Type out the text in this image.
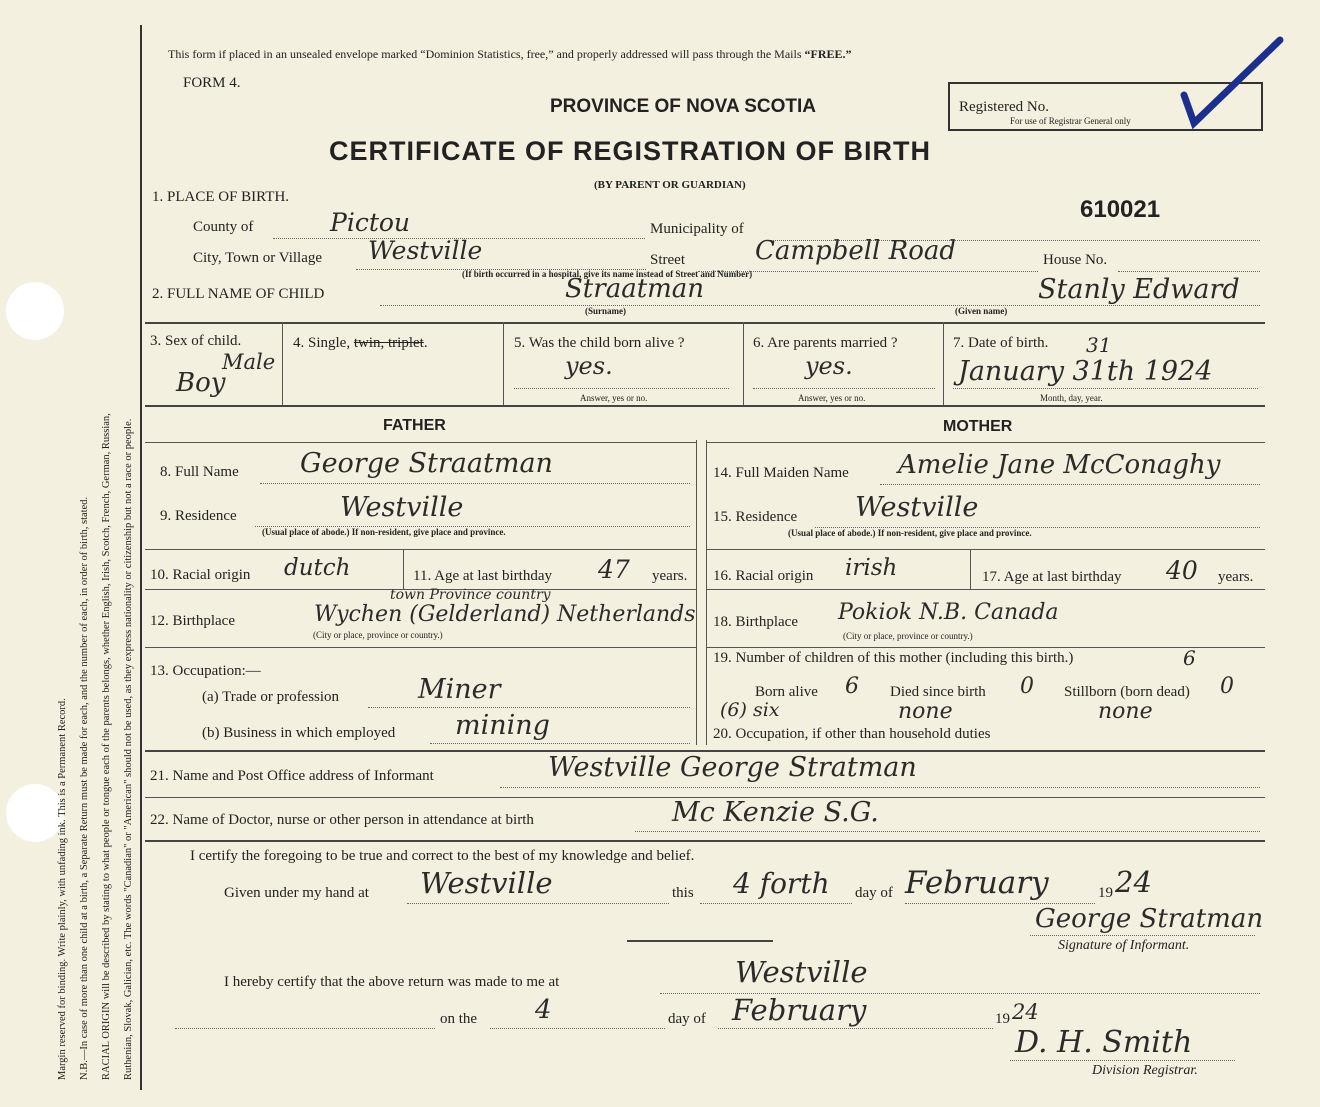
Margin reserved for binding. Write plainly, with unfading ink. This is a Permanent Record. N.B.—In case of more than one child at a birth, a Separate Return must be made for each, and the number of each, in order of birth, stated. RACIAL ORIGIN will be described by stating to what people or tongue each of the parents belongs, whether English, Irish, Scotch, French, German, Russian, Ruthenian, Slovak, Galician, etc. The words "Canadian" or "American" should not be used, as they express nationality or citizenship but not a race or people.
This form if placed in an unsealed envelope marked “Dominion Statistics, free,” and properly addressed will pass through the Mails “FREE.”
FORM 4.
PROVINCE OF NOVA SCOTIA
CERTIFICATE OF REGISTRATION OF BIRTH
(BY PARENT OR GUARDIAN)
Registered No.
For use of Registrar General only
610021
1. PLACE OF BIRTH.
County of	Pictou	Municipality of
City, Town or Village Westville	Street	Campbell Road	House No.
(If birth occurred in a hospital, give its name instead of Street and Number)
2. FULL NAME OF CHILD	Straatman
(Surname)
Stanly Edward
(Given name)
3. Sex of child.
Male
Boy
4. Single, twin, triplet.	5. Was the child born alive ?
yes.
Answer, yes or no.
6. Are parents married ?
yes.
Answer, yes or no.
7. Date of birth. 31
January 31th 1924
Month, day, year.
FATHER	MOTHER
8. Full Name George Straatman
9. Residence	Westville
(Usual place of abode.) If non-resident, give place and province.
10. Racial origin dutch	11. Age at last birthday 47 years.
12. Birthplace
town Province country
Wychen (Gelderland) Netherlands
(City or place, province or country.)
13. Occupation:—
(a) Trade or profession	Miner
(b) Business in which employed mining
14. Full Maiden Name Amelie Jane McConaghy
15. Residence Westville
(Usual place of abode.) If non-resident, give place and province.
16. Racial origin irish	17. Age at last birthday 40 years.
18. Birthplace Pokiok N.B. Canada
(City or place, province or country.)
19. Number of children of this mother (including this birth.)	6
Born alive 6 Died since birth 0 Stillborn (born dead) 0
(6) six	none	none
20. Occupation, if other than household duties
21. Name and Post Office address of Informant	Westville George Stratman
22. Name of Doctor, nurse or other person in attendance at birth	Mc Kenzie S.G.
I certify the foregoing to be true and correct to the best of my knowledge and belief.
Given under my hand at Westville	this 4 forth day of February	19 24
George Stratman
Signature of Informant.
I hereby certify that the above return was made to me at	Westville
on the 4	day of February	19 24
D. H. Smith
Division Registrar.
